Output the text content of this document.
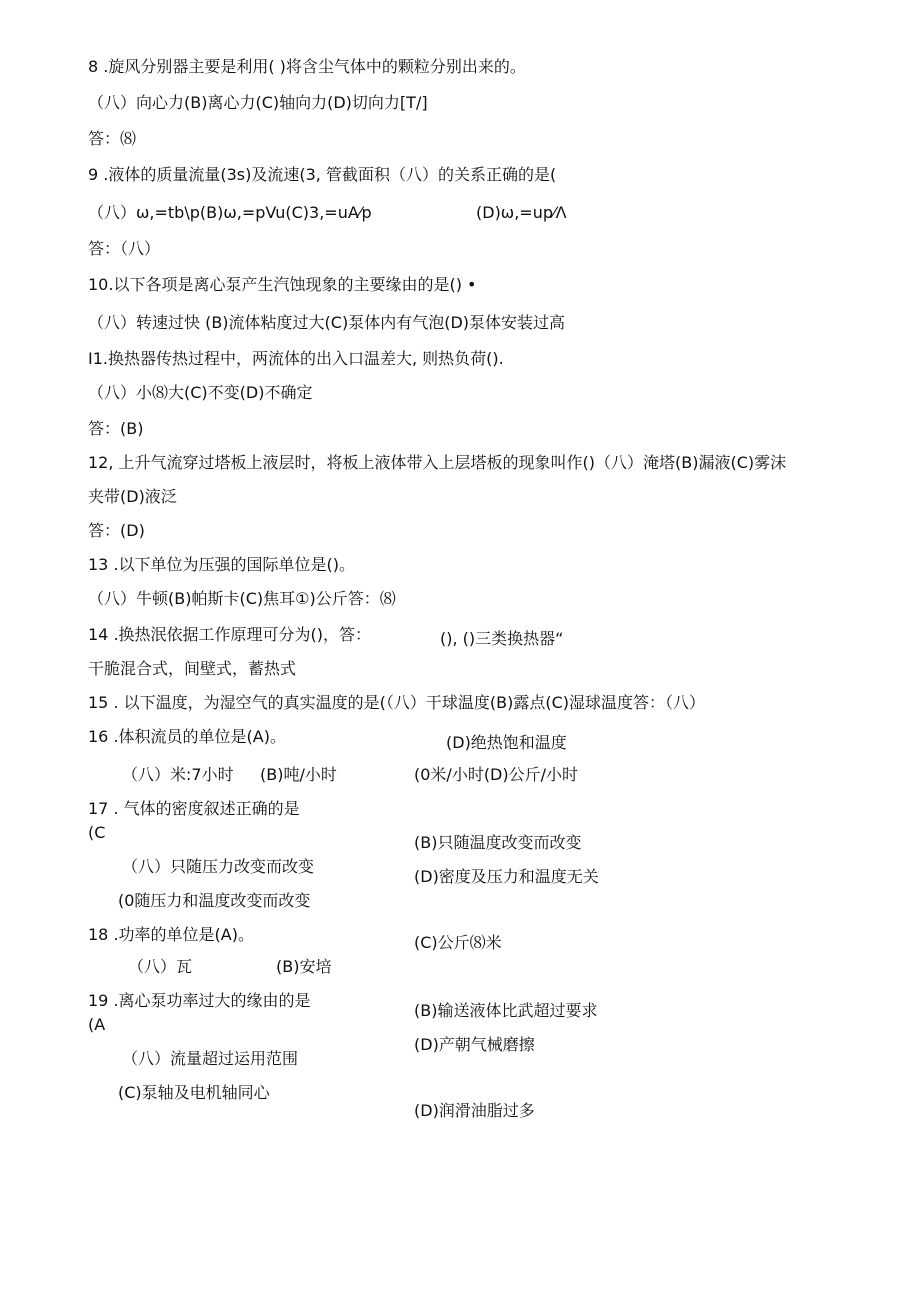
8 .旋风分别器主要是利用( )将含尘气体中的颗粒分别出来的。
（八）向心力(B)离心力(C)轴向力(D)切向力[T/]
答：⑻
9 .液体的质量流量(3s)及流速(3, 管截面积（八）的关系正确的是(
（八）ω,=tb\p(B)ω,=pVu(C)3,=uA⁄p	(D)ω,=up⁄Λ
答：（八）
10.以下各项是离心泵产生汽蚀现象的主要缘由的是() •
（八）转速过快 (B)流体粘度过大(C)泵体内有气泡(D)泵体安装过高
I1.换热器传热过程中，两流体的出入口温差大, 则热负荷().
（八）小⑻大(C)不变(D)不确定
答：(B)
12, 上升气流穿过塔板上液层时，将板上液体带入上层塔板的现象叫作()（八）淹塔(B)漏液(C)雾沫
夹带(D)液泛
答：(D)
13 .以下单位为压强的国际单位是()。
（八）牛顿(B)帕斯卡(C)焦耳①)公斤答：⑻
14 .换热泯依据工作原理可分为()，答：	(), ()三类换热器“
干脆混合式，间壁式，蓄热式
15 . 以下温度，为湿空气的真实温度的是(（八）干球温度(B)露点(C)湿球温度答：（八）
16 .体积流员的单位是(A)。	(D)绝热饱和温度
（八）米:7小时 (B)吨/小时	(0米/小时(D)公斤/小时
17 . 气体的密度叙述正确的是
(C
(B)只随温度改变而改变
（八）只随压力改变而改变
(D)密度及压力和温度无关
(0随压力和温度改变而改变
18 .功率的单位是(A)。	(C)公斤⑻米
（八）瓦	(B)安培
19 .离心泵功率过大的缘由的是
(A
(B)输送液体比武超过要求
（八）流量超过运用范围
(D)产朝气械磨擦
(C)泵轴及电机轴同心
(D)润滑油脂过多
